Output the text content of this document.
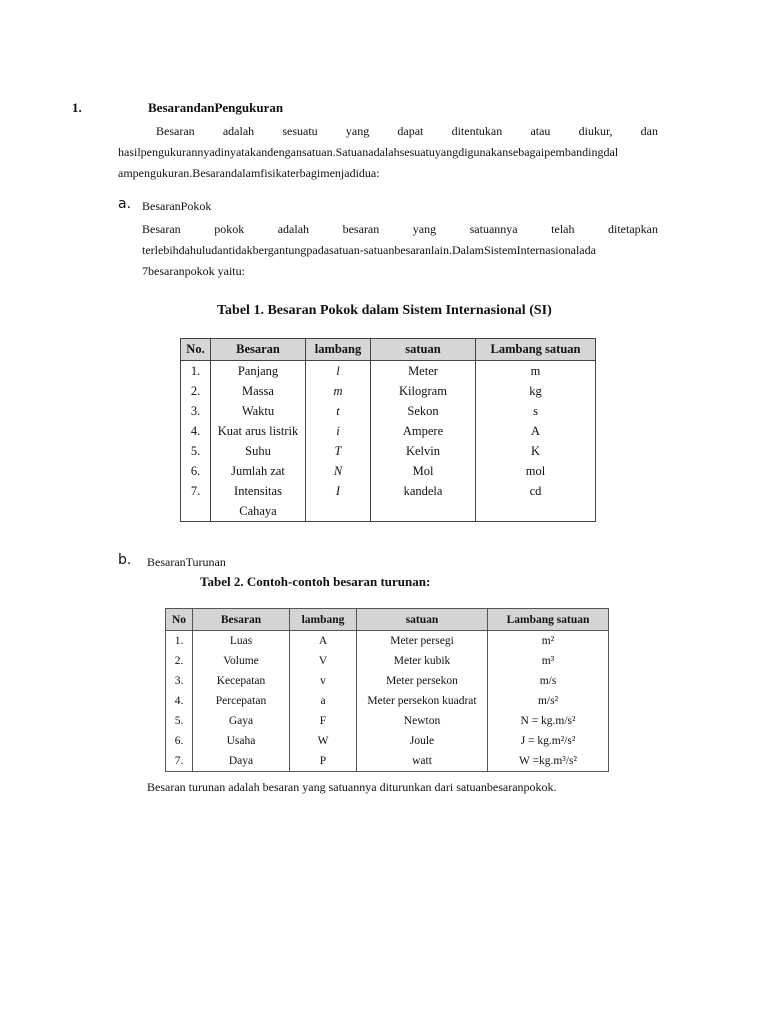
1.	BesarandanPengukuran

Besaran adalah sesuatu yang dapat ditentukan atau diukur, dan

hasilpengukurannyadinyatakandengansatuan.Satuanadalahsesuatuyangdigunakansebagaipembandingdal

ampengukuran.Besarandalamfisikaterbagimenjadidua:

a. BesaranPokok

Besaran pokok adalah besaran yang satuannya telah ditetapkan

terlebihdahuludantidakbergantungpadasatuan-satuanbesaranlain.DalamSistemInternasionalada

7besaranpokok yaitu:

Tabel 1. Besaran Pokok dalam Sistem Internasional (SI)
No.	Besaran	lambang	satuan	Lambang satuan
1.	Panjang	l	Meter	m
2.	Massa	m	Kilogram	kg
3.	Waktu	t	Sekon	s
4.	Kuat arus listrik	i	Ampere	A
5.	Suhu	T	Kelvin	K
6.	Jumlah zat	N	Mol	mol
7.	Intensitas	I	kandela	cd
	Cahaya			
b. BesaranTurunan
Tabel 2. Contoh-contoh besaran turunan:
No	Besaran	lambang	satuan	Lambang satuan
1.	Luas	A	Meter persegi	m²
2.	Volume	V	Meter kubik	m³
3.	Kecepatan	v	Meter persekon	m/s
4.	Percepatan	a	Meter persekon kuadrat	m/s²
5.	Gaya	F	Newton	N = kg.m/s²
6.	Usaha	W	Joule	J = kg.m²/s²
7.	Daya	P	watt	W =kg.m³/s²
Besaran turunan adalah besaran yang satuannya diturunkan dari satuanbesaranpokok.
